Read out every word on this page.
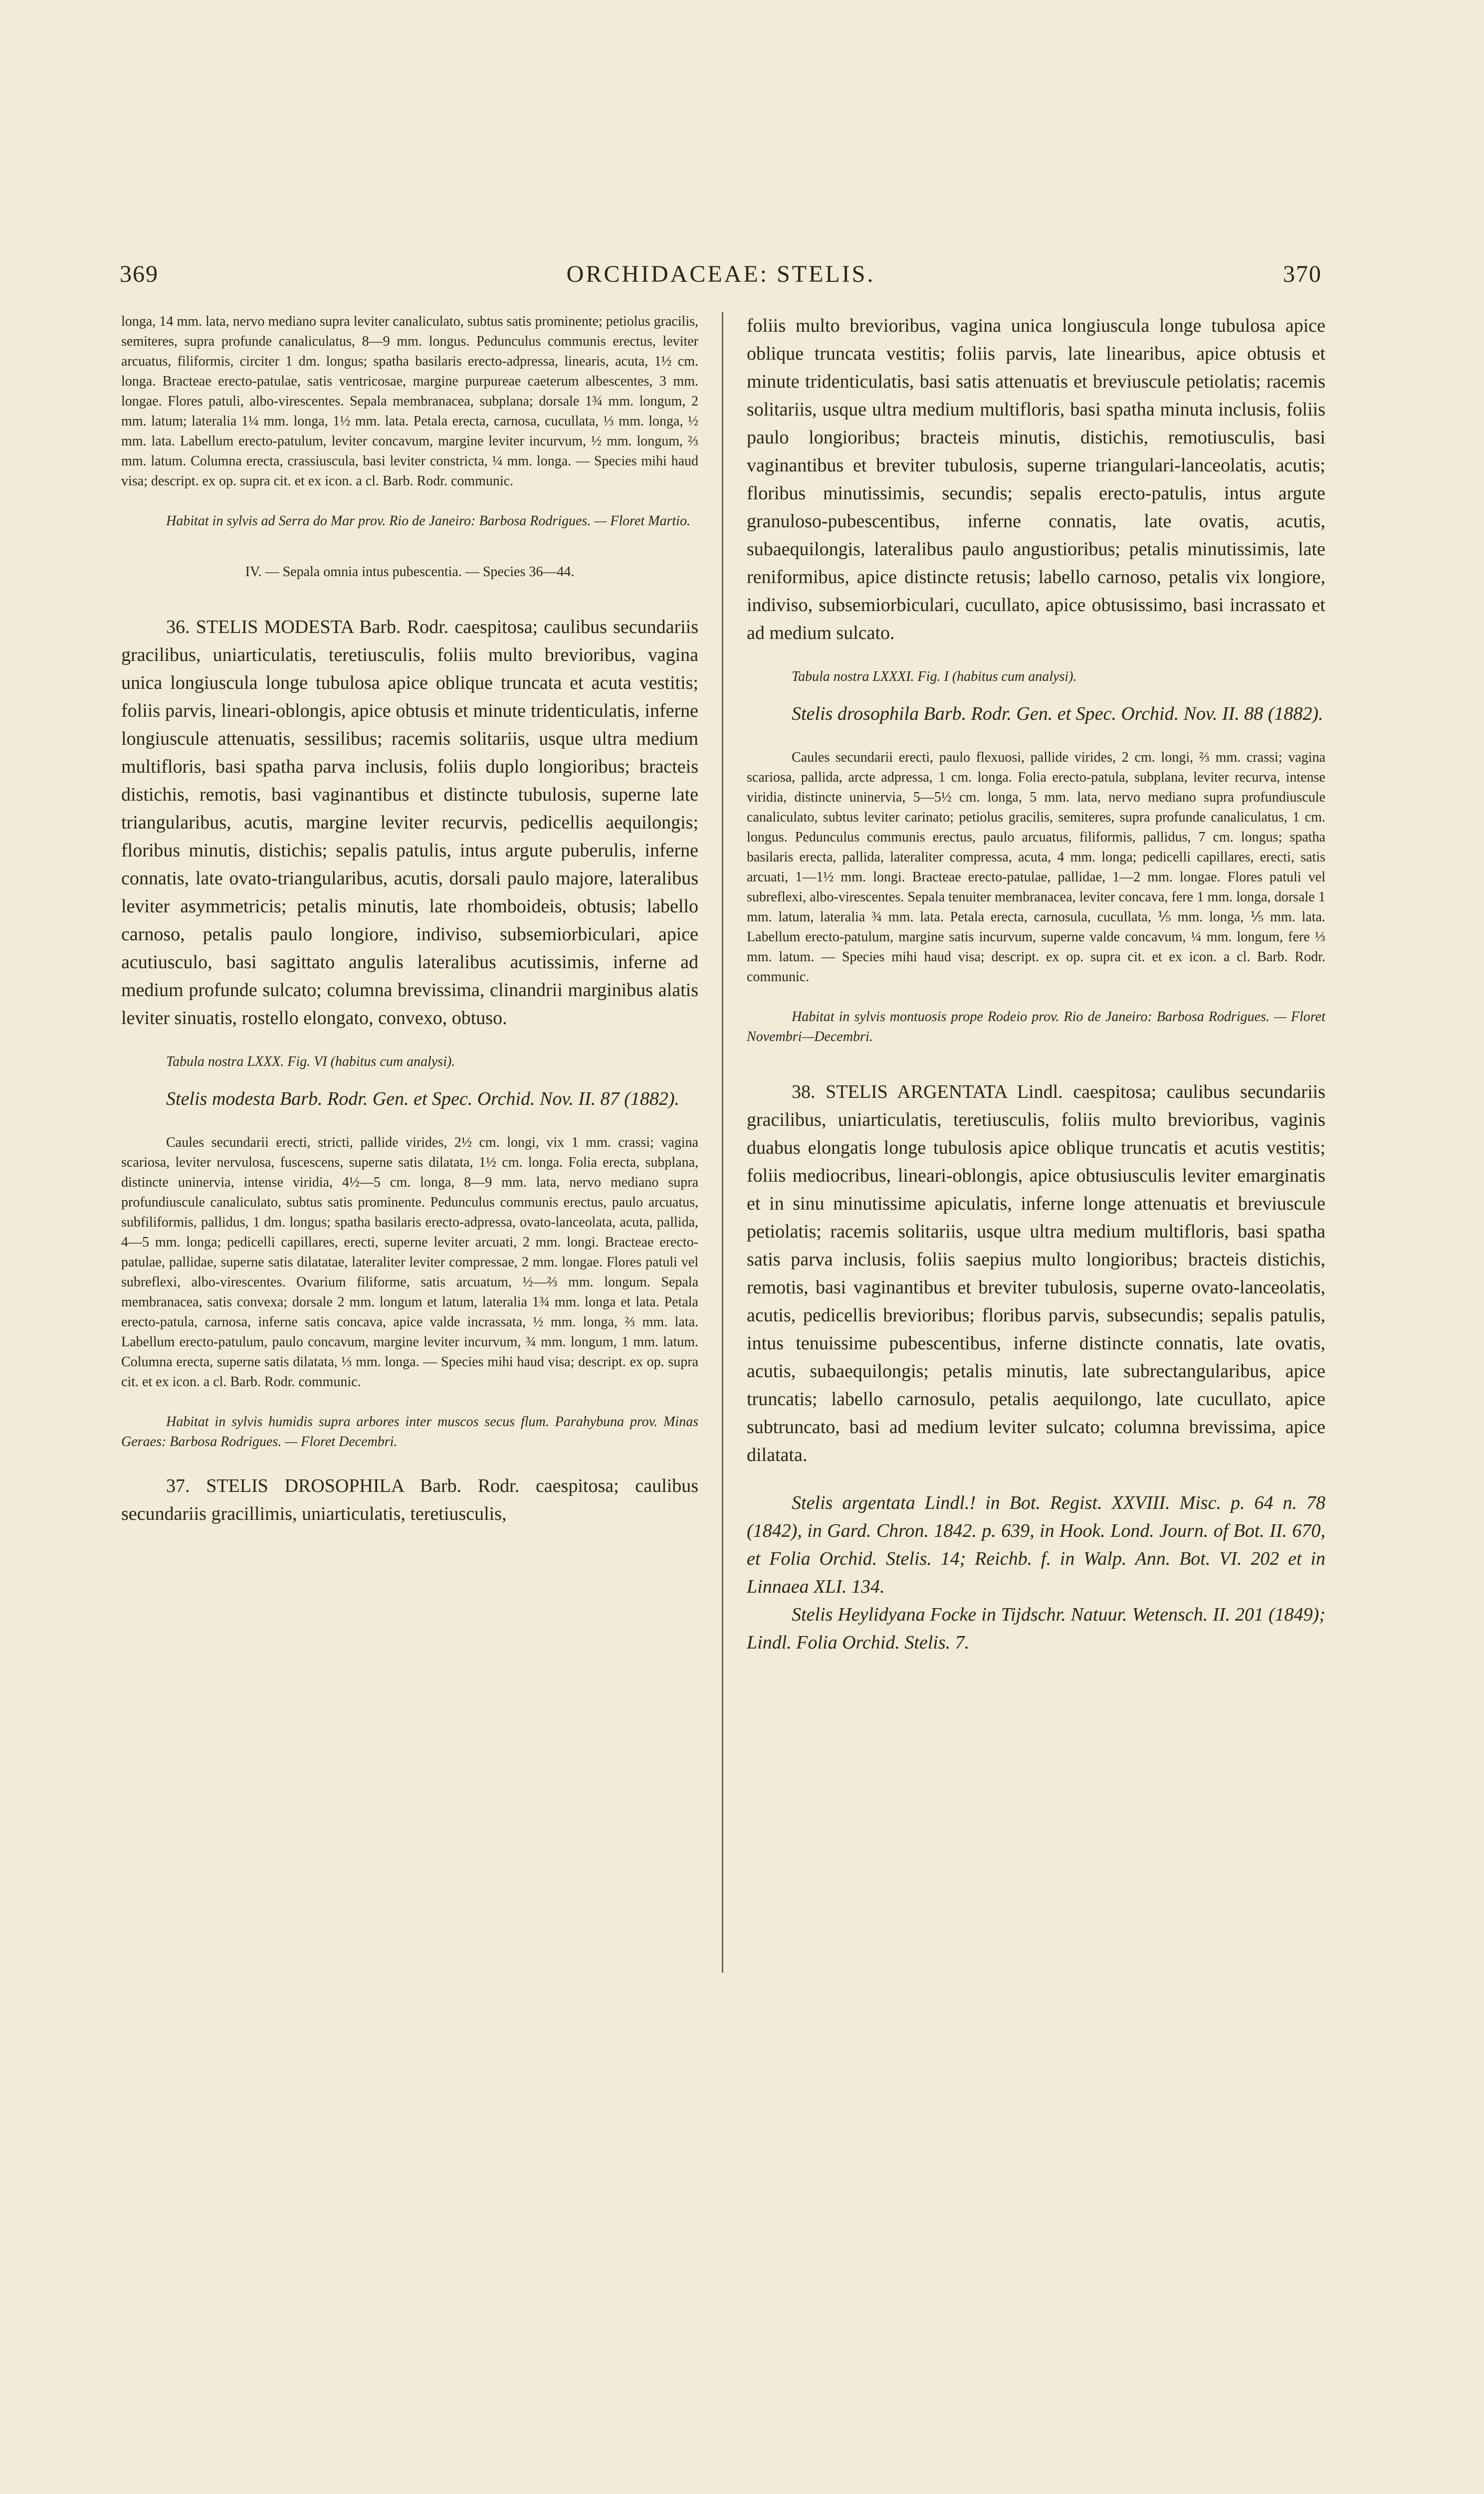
369	ORCHIDACEAE: STELIS.	370

longa, 14 mm. lata, nervo mediano supra leviter canaliculato, subtus satis prominente; petiolus gracilis, semiteres, supra profunde canaliculatus, 8—9 mm. longus. Pedunculus communis erectus, leviter arcuatus, filiformis, circiter 1 dm. longus; spatha basilaris erecto-adpressa, linearis, acuta, 1½ cm. longa. Bracteae erecto-patulae, satis ventricosae, margine purpureae caeterum albescentes, 3 mm. longae. Flores patuli, albo-virescentes. Sepala membranacea, subplana; dorsale 1¾ mm. longum, 2 mm. latum; lateralia 1¼ mm. longa, 1½ mm. lata. Petala erecta, carnosa, cucullata, ⅓ mm. longa, ½ mm. lata. Labellum erecto-patulum, leviter concavum, margine leviter incurvum, ½ mm. longum, ⅔ mm. latum. Columna erecta, crassiuscula, basi leviter constricta, ¼ mm. longa. — Species mihi haud visa; descript. ex op. supra cit. et ex icon. a cl. Barb. Rodr. communic.

Habitat in sylvis ad Serra do Mar prov. Rio de Janeiro: Barbosa Rodrigues. — Floret Martio.

IV. — Sepala omnia intus pubescentia. — Species 36—44.

36. STELIS MODESTA Barb. Rodr. caespitosa; caulibus secundariis gracilibus, uniarticulatis, teretiusculis, foliis multo brevioribus, vagina unica longiuscula longe tubulosa apice oblique truncata et acuta vestitis; foliis parvis, lineari-oblongis, apice obtusis et minute tridenticulatis, inferne longiuscule attenuatis, sessilibus; racemis solitariis, usque ultra medium multifloris, basi spatha parva inclusis, foliis duplo longioribus; bracteis distichis, remotis, basi vaginantibus et distincte tubulosis, superne late triangularibus, acutis, margine leviter recurvis, pedicellis aequilongis; floribus minutis, distichis; sepalis patulis, intus argute puberulis, inferne connatis, late ovato-triangularibus, acutis, dorsali paulo majore, lateralibus leviter asymmetricis; petalis minutis, late rhomboideis, obtusis; labello carnoso, petalis paulo longiore, indiviso, subsemiorbiculari, apice acutiusculo, basi sagittato angulis lateralibus acutissimis, inferne ad medium profunde sulcato; columna brevissima, clinandrii marginibus alatis leviter sinuatis, rostello elongato, convexo, obtuso.

Tabula nostra LXXX. Fig. VI (habitus cum analysi).

Stelis modesta Barb. Rodr. Gen. et Spec. Orchid. Nov. II. 87 (1882).

Caules secundarii erecti, stricti, pallide virides, 2½ cm. longi, vix 1 mm. crassi; vagina scariosa, leviter nervulosa, fuscescens, superne satis dilatata, 1½ cm. longa. Folia erecta, subplana, distincte uninervia, intense viridia, 4½—5 cm. longa, 8—9 mm. lata, nervo mediano supra profundiuscule canaliculato, subtus satis prominente. Pedunculus communis erectus, paulo arcuatus, subfiliformis, pallidus, 1 dm. longus; spatha basilaris erecto-adpressa, ovato-lanceolata, acuta, pallida, 4—5 mm. longa; pedicelli capillares, erecti, superne leviter arcuati, 2 mm. longi. Bracteae erecto-patulae, pallidae, superne satis dilatatae, lateraliter leviter compressae, 2 mm. longae. Flores patuli vel subreflexi, albo-virescentes. Ovarium filiforme, satis arcuatum, ½—⅔ mm. longum. Sepala membranacea, satis convexa; dorsale 2 mm. longum et latum, lateralia 1¾ mm. longa et lata. Petala erecto-patula, carnosa, inferne satis concava, apice valde incrassata, ½ mm. longa, ⅔ mm. lata. Labellum erecto-patulum, paulo concavum, margine leviter incurvum, ¾ mm. longum, 1 mm. latum. Columna erecta, superne satis dilatata, ⅓ mm. longa. — Species mihi haud visa; descript. ex op. supra cit. et ex icon. a cl. Barb. Rodr. communic.

Habitat in sylvis humidis supra arbores inter muscos secus flum. Parahybuna prov. Minas Geraes: Barbosa Rodrigues. — Floret Decembri.

37. STELIS DROSOPHILA Barb. Rodr. caespitosa; caulibus secundariis gracillimis, uniarticulatis, teretiusculis,

foliis multo brevioribus, vagina unica longiuscula longe tubulosa apice oblique truncata vestitis; foliis parvis, late linearibus, apice obtusis et minute tridenticulatis, basi satis attenuatis et breviuscule petiolatis; racemis solitariis, usque ultra medium multifloris, basi spatha minuta inclusis, foliis paulo longioribus; bracteis minutis, distichis, remotiusculis, basi vaginantibus et breviter tubulosis, superne triangulari-lanceolatis, acutis; floribus minutissimis, secundis; sepalis erecto-patulis, intus argute granuloso-pubescentibus, inferne connatis, late ovatis, acutis, subaequilongis, lateralibus paulo angustioribus; petalis minutissimis, late reniformibus, apice distincte retusis; labello carnoso, petalis vix longiore, indiviso, subsemiorbiculari, cucullato, apice obtusissimo, basi incrassato et ad medium sulcato.

Tabula nostra LXXXI. Fig. I (habitus cum analysi).

Stelis drosophila Barb. Rodr. Gen. et Spec. Orchid. Nov. II. 88 (1882).

Caules secundarii erecti, paulo flexuosi, pallide virides, 2 cm. longi, ⅔ mm. crassi; vagina scariosa, pallida, arcte adpressa, 1 cm. longa. Folia erecto-patula, subplana, leviter recurva, intense viridia, distincte uninervia, 5—5½ cm. longa, 5 mm. lata, nervo mediano supra profundiuscule canaliculato, subtus leviter carinato; petiolus gracilis, semiteres, supra profunde canaliculatus, 1 cm. longus. Pedunculus communis erectus, paulo arcuatus, filiformis, pallidus, 7 cm. longus; spatha basilaris erecta, pallida, lateraliter compressa, acuta, 4 mm. longa; pedicelli capillares, erecti, satis arcuati, 1—1½ mm. longi. Bracteae erecto-patulae, pallidae, 1—2 mm. longae. Flores patuli vel subreflexi, albo-virescentes. Sepala tenuiter membranacea, leviter concava, fere 1 mm. longa, dorsale 1 mm. latum, lateralia ¾ mm. lata. Petala erecta, carnosula, cucullata, ⅕ mm. longa, ⅕ mm. lata. Labellum erecto-patulum, margine satis incurvum, superne valde concavum, ¼ mm. longum, fere ⅓ mm. latum. — Species mihi haud visa; descript. ex op. supra cit. et ex icon. a cl. Barb. Rodr. communic.

Habitat in sylvis montuosis prope Rodeio prov. Rio de Janeiro: Barbosa Rodrigues. — Floret Novembri—Decembri.

38. STELIS ARGENTATA Lindl. caespitosa; caulibus secundariis gracilibus, uniarticulatis, teretiusculis, foliis multo brevioribus, vaginis duabus elongatis longe tubulosis apice oblique truncatis et acutis vestitis; foliis mediocribus, lineari-oblongis, apice obtusiusculis leviter emarginatis et in sinu minutissime apiculatis, inferne longe attenuatis et breviuscule petiolatis; racemis solitariis, usque ultra medium multifloris, basi spatha satis parva inclusis, foliis saepius multo longioribus; bracteis distichis, remotis, basi vaginantibus et breviter tubulosis, superne ovato-lanceolatis, acutis, pedicellis brevioribus; floribus parvis, subsecundis; sepalis patulis, intus tenuissime pubescentibus, inferne distincte connatis, late ovatis, acutis, subaequilongis; petalis minutis, late subrectangularibus, apice truncatis; labello carnosulo, petalis aequilongo, late cucullato, apice subtruncato, basi ad medium leviter sulcato; columna brevissima, apice dilatata.

Stelis argentata Lindl.! in Bot. Regist. XXVIII. Misc. p. 64 n. 78 (1842), in Gard. Chron. 1842. p. 639, in Hook. Lond. Journ. of Bot. II. 670, et Folia Orchid. Stelis. 14; Reichb. f. in Walp. Ann. Bot. VI. 202 et in Linnaea XLI. 134.

Stelis Heylidyana Focke in Tijdschr. Natuur. Wetensch. II. 201 (1849); Lindl. Folia Orchid. Stelis. 7.
